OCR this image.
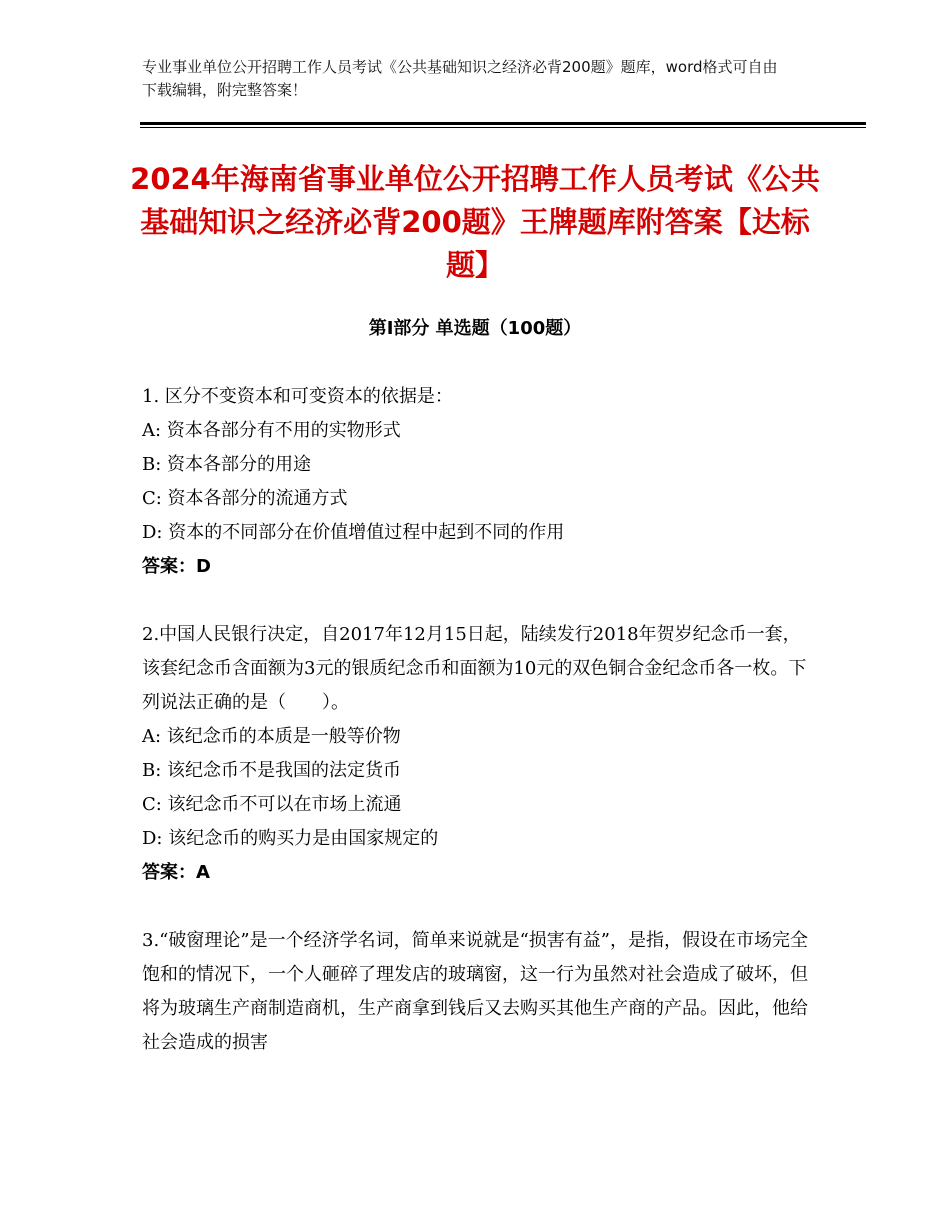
专业事业单位公开招聘工作人员考试《公共基础知识之经济必背200题》题库，word格式可自由下载编辑，附完整答案！
2024年海南省事业单位公开招聘工作人员考试《公共基础知识之经济必背200题》王牌题库附答案【达标题】
第Ⅰ部分 单选题（100题）

1. 区分不变资本和可变资本的依据是：

A: 资本各部分有不用的实物形式

B: 资本各部分的用途

C: 资本各部分的流通方式

D: 资本的不同部分在价值增值过程中起到不同的作用

答案：D

2.中国人民银行决定，自2017年12月15日起，陆续发行2018年贺岁纪念币一套，该套纪念币含面额为3元的银质纪念币和面额为10元的双色铜合金纪念币各一枚。下列说法正确的是（　　）。

A: 该纪念币的本质是一般等价物

B: 该纪念币不是我国的法定货币

C: 该纪念币不可以在市场上流通

D: 该纪念币的购买力是由国家规定的

答案：A

3.“破窗理论”是一个经济学名词，简单来说就是“损害有益”，是指，假设在市场完全饱和的情况下，一个人砸碎了理发店的玻璃窗，这一行为虽然对社会造成了破坏，但将为玻璃生产商制造商机，生产商拿到钱后又去购买其他生产商的产品。因此，他给社会造成的损害
